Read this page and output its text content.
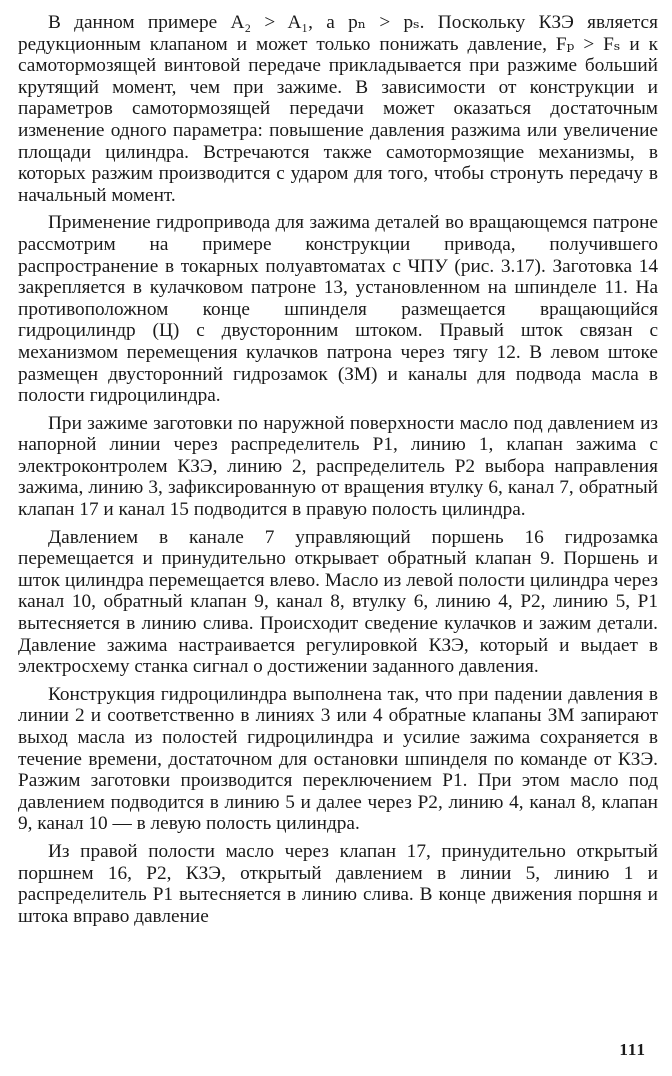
В данном примере A₂ > A₁, а pₙ > pₛ. Поскольку КЗЭ является редукционным клапаном и может только понижать давление, Fₚ > Fₛ и к самотормозящей винтовой передаче прикладывается при разжиме больший крутящий момент, чем при зажиме. В зависимости от конструкции и параметров самотормозящей передачи может оказаться достаточным изменение одного параметра: повышение давления разжима или увеличение площади цилиндра. Встречаются также самотормозящие механизмы, в которых разжим производится с ударом для того, чтобы стронуть передачу в начальный момент.

Применение гидропривода для зажима деталей во вращающемся патроне рассмотрим на примере конструкции привода, получившего распространение в токарных полуавтоматах с ЧПУ (рис. 3.17). Заготовка 14 закрепляется в кулачковом патроне 13, установленном на шпинделе 11. На противоположном конце шпинделя размещается вращающийся гидроцилиндр (Ц) с двусторонним штоком. Правый шток связан с механизмом перемещения кулачков патрона через тягу 12. В левом штоке размещен двусторонний гидрозамок (ЗМ) и каналы для подвода масла в полости гидроцилиндра.

При зажиме заготовки по наружной поверхности масло под давлением из напорной линии через распределитель P1, линию 1, клапан зажима с электроконтролем КЗЭ, линию 2, распределитель P2 выбора направления зажима, линию 3, зафиксированную от вращения втулку 6, канал 7, обратный клапан 17 и канал 15 подводится в правую полость цилиндра.

Давлением в канале 7 управляющий поршень 16 гидрозамка перемещается и принудительно открывает обратный клапан 9. Поршень и шток цилиндра перемещается влево. Масло из левой полости цилиндра через канал 10, обратный клапан 9, канал 8, втулку 6, линию 4, P2, линию 5, P1 вытесняется в линию слива. Происходит сведение кулачков и зажим детали. Давление зажима настраивается регулировкой КЗЭ, который и выдает в электросхему станка сигнал о достижении заданного давления.

Конструкция гидроцилиндра выполнена так, что при падении давления в линии 2 и соответственно в линиях 3 или 4 обратные клапаны ЗМ запирают выход масла из полостей гидроцилиндра и усилие зажима сохраняется в течение времени, достаточном для остановки шпинделя по команде от КЗЭ. Разжим заготовки производится переключением P1. При этом масло под давлением подводится в линию 5 и далее через P2, линию 4, канал 8, клапан 9, канал 10 — в левую полость цилиндра.

Из правой полости масло через клапан 17, принудительно открытый поршнем 16, P2, КЗЭ, открытый давлением в линии 5, линию 1 и распределитель P1 вытесняется в линию слива. В конце движения поршня и штока вправо давление

111
